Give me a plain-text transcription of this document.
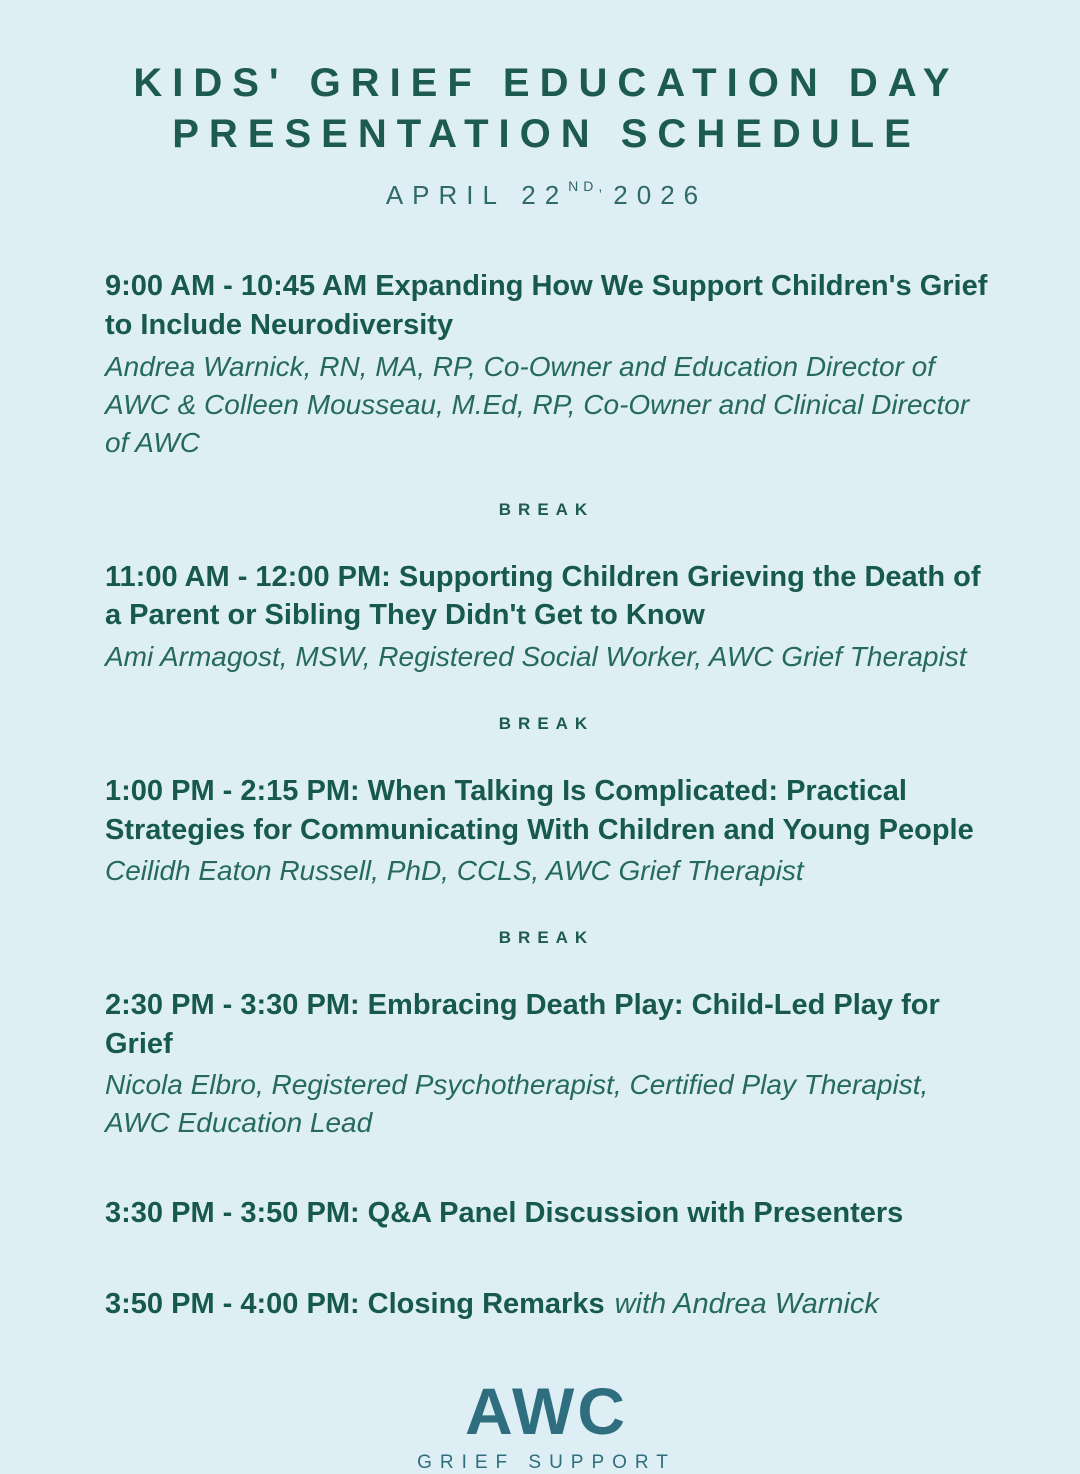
KIDS' GRIEF EDUCATION DAY
PRESENTATION SCHEDULE
APRIL $22^{ND,}$ 2026

9:00 AM - 10:45 AM Expanding How We Support Children's Grief to Include Neurodiversity

Andrea Warnick, RN, MA, RP, Co-Owner and Education Director of AWC & Colleen Mousseau, M.Ed, RP, Co-Owner and Clinical Director of AWC

BREAK

11:00 AM - 12:00 PM: Supporting Children Grieving the Death of a Parent or Sibling They Didn't Get to Know

Ami Armagost, MSW, Registered Social Worker, AWC Grief Therapist

BREAK

1:00 PM - 2:15 PM: When Talking Is Complicated: Practical Strategies for Communicating With Children and Young People

Ceilidh Eaton Russell, PhD, CCLS, AWC Grief Therapist

BREAK

2:30 PM - 3:30 PM: Embracing Death Play: Child-Led Play for Grief

Nicola Elbro, Registered Psychotherapist, Certified Play Therapist, AWC Education Lead

3:30 PM - 3:50 PM: Q&A Panel Discussion with Presenters

3:50 PM - 4:00 PM: Closing Remarks with Andrea Warnick

AWC
GRIEF SUPPORT
